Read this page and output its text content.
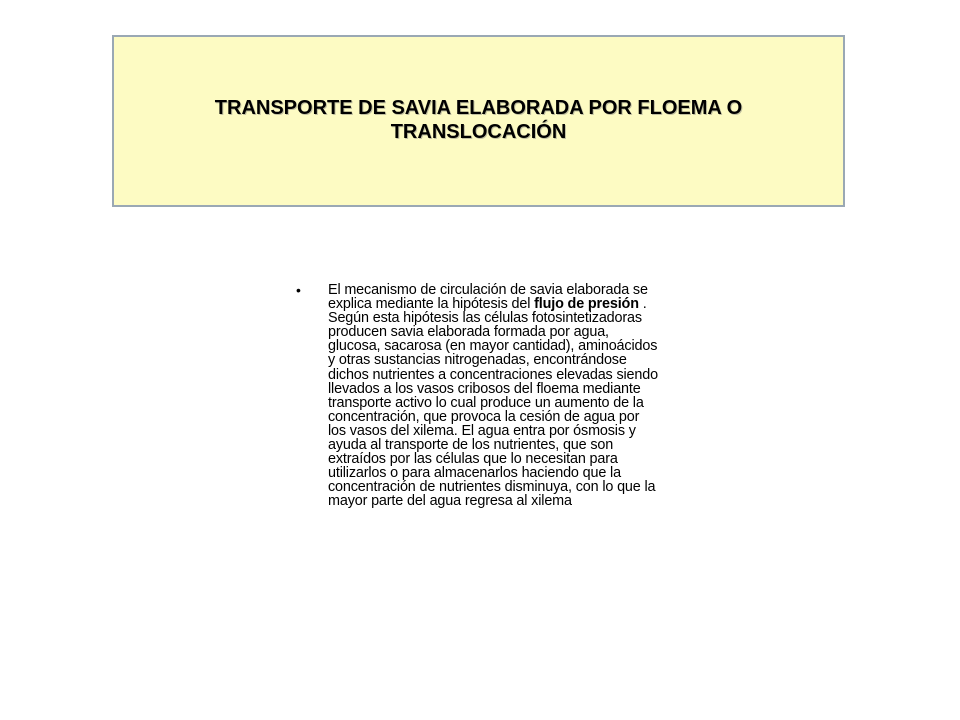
TRANSPORTE DE SAVIA ELABORADA POR FLOEMA O TRANSLOCACIÓN
• El mecanismo de circulación de savia elaborada se explica mediante la hipótesis del flujo de presión . Según esta hipótesis las células fotosintetizadoras producen savia elaborada formada por agua, glucosa, sacarosa (en mayor cantidad), aminoácidos y otras sustancias nitrogenadas, encontrándose dichos nutrientes a concentraciones elevadas siendo llevados a los vasos cribosos del floema mediante transporte activo lo cual produce un aumento de la concentración, que provoca la cesión de agua por los vasos del xilema. El agua entra por ósmosis y ayuda al transporte de los nutrientes, que son extraídos por las células que lo necesitan para utilizarlos o para almacenarlos haciendo que la concentración de nutrientes disminuya, con lo que la mayor parte del agua regresa al xilema
